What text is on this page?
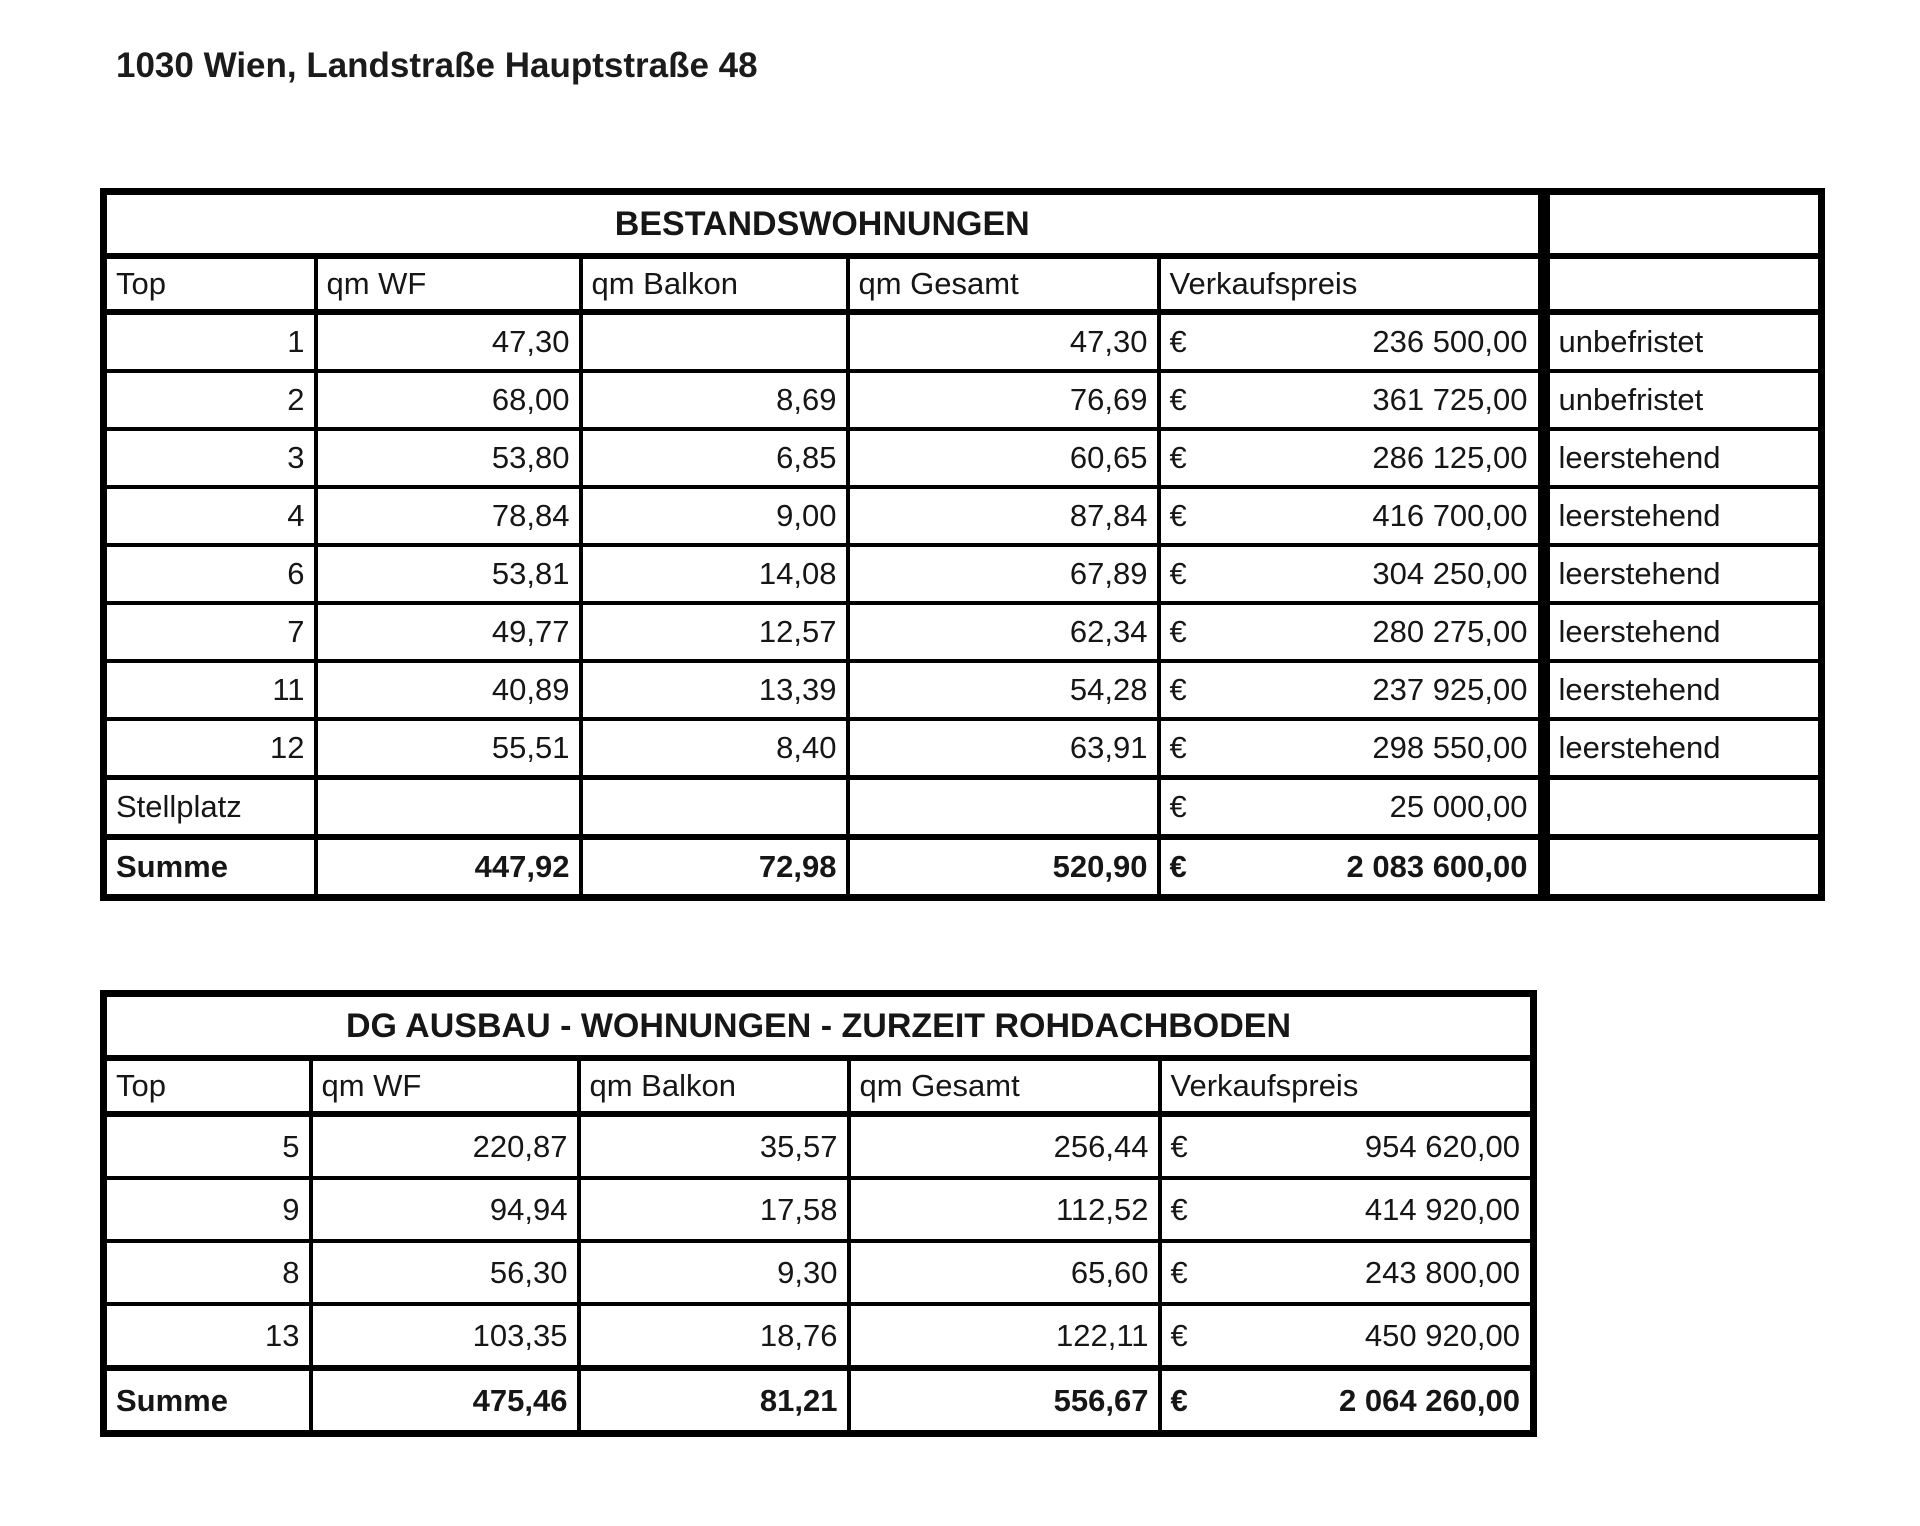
1030 Wien, Landstraße Hauptstraße 48
BESTANDSWOHNUNGEN					
Top	qm WF	qm Balkon	qm Gesamt	Verkaufspreis	
1	47,30		47,30	€ 236 500,00	unbefristet
2	68,00	8,69	76,69	€ 361 725,00	unbefristet
3	53,80	6,85	60,65	€ 286 125,00	leerstehend
4	78,84	9,00	87,84	€ 416 700,00	leerstehend
6	53,81	14,08	67,89	€ 304 250,00	leerstehend
7	49,77	12,57	62,34	€ 280 275,00	leerstehend
11	40,89	13,39	54,28	€ 237 925,00	leerstehend
12	55,51	8,40	63,91	€ 298 550,00	leerstehend
Stellplatz				€ 25 000,00	

Summe	447,92	72,98	520,90	€ 2 083 600,00	

DG AUSBAU - WOHNUNGEN - ZURZEIT ROHDACHBODEN				
Top	qm WF	qm Balkon	qm Gesamt	Verkaufspreis
5	220,87	35,57	256,44	€ 954 620,00

9	94,94	17,58	112,52	€ 414 920,00

8	56,30	9,30	65,60	€ 243 800,00

13	103,35	18,76	122,11	€ 450 920,00

Summe	475,46	81,21	556,67	€ 2 064 260,00
